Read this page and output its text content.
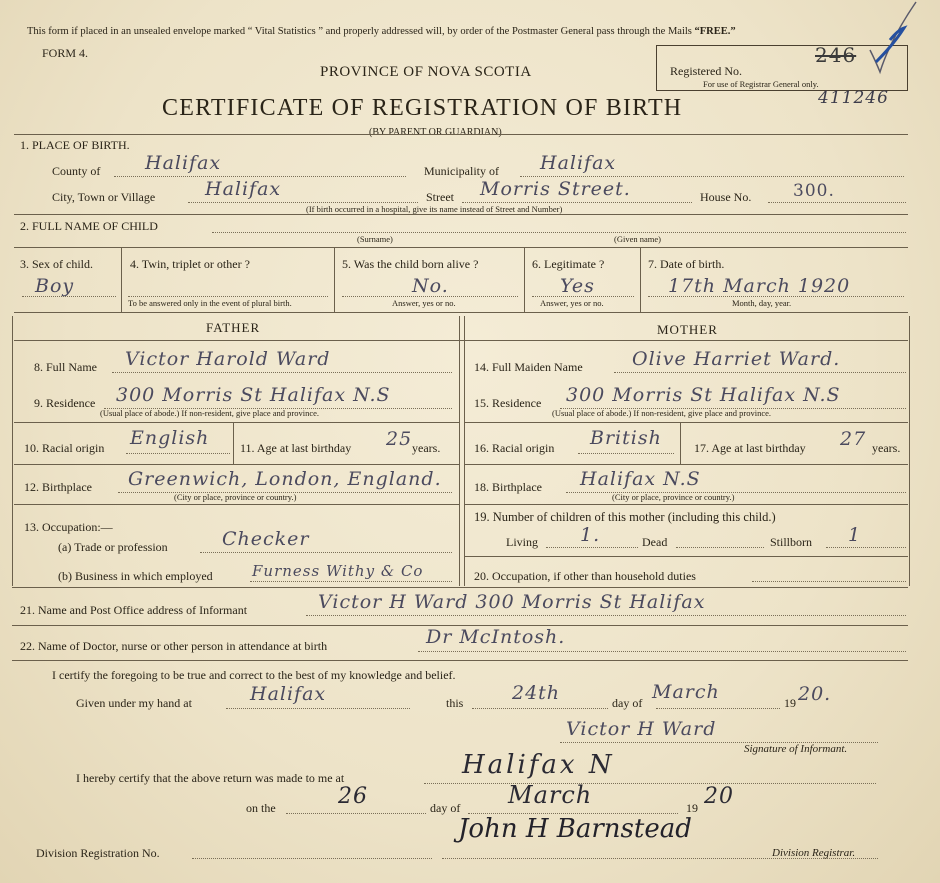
This form if placed in an unsealed envelope marked “ Vital Statistics ” and properly addressed will, by order of the Postmaster General pass through the Mails “FREE.”
FORM 4.
PROVINCE OF NOVA SCOTIA
CERTIFICATE OF REGISTRATION OF BIRTH
(BY PARENT OR GUARDIAN)
Registered No.
246
For use of Registrar General only.
411246
1. PLACE OF BIRTH.
County of Halifax	Municipality of Halifax
City, Town or Village	Halifax	Street Morris Street.	House No. 300.
(If birth occurred in a hospital, give its name instead of Street and Number)
2. FULL NAME OF CHILD
(Surname)	(Given name)
3. Sex of child.
Boy
4. Twin, triplet or other ?
To be answered only in the event of plural birth.
5. Was the child born alive ?
No.
Answer, yes or no.
6. Legitimate ?
Yes
Answer, yes or no.
7. Date of birth.
17th March 1920
Month, day, year.
FATHER	MOTHER
8. Full Name Victor Harold Ward
9. Residence 300 Morris St Halifax N.S
(Usual place of abode.) If non-resident, give place and province.
10. Racial origin English	11. Age at last birthday 25 years.
12. Birthplace Greenwich, London, England.
(City or place, province or country.)
13. Occupation:—
(a) Trade or profession	Checker
(b) Business in which employed	Furness Withy & Co
14. Full Maiden Name	Olive Harriet Ward.
15. Residence 300 Morris St Halifax N.S
(Usual place of abode.) If non-resident, give place and province.
16. Racial origin British	17. Age at last birthday 27 years.
18. Birthplace Halifax N.S
(City or place, province or country.)
19. Number of children of this mother (including this child.)
Living 1.	Dead	Stillborn 1
20. Occupation, if other than household duties
21. Name and Post Office address of Informant	Victor H Ward 300 Morris St Halifax
22. Name of Doctor, nurse or other person in attendance at birth	Dr McIntosh.
I certify the foregoing to be true and correct to the best of my knowledge and belief.
Given under my hand at	Halifax	this	24th	day of March	19 20.
Victor H Ward
Signature of Informant.
I hereby certify that the above return was made to me at	Halifax N
on the	26	day of March	19 20
Division Registration No.
John H Barnstead
Division Registrar.
